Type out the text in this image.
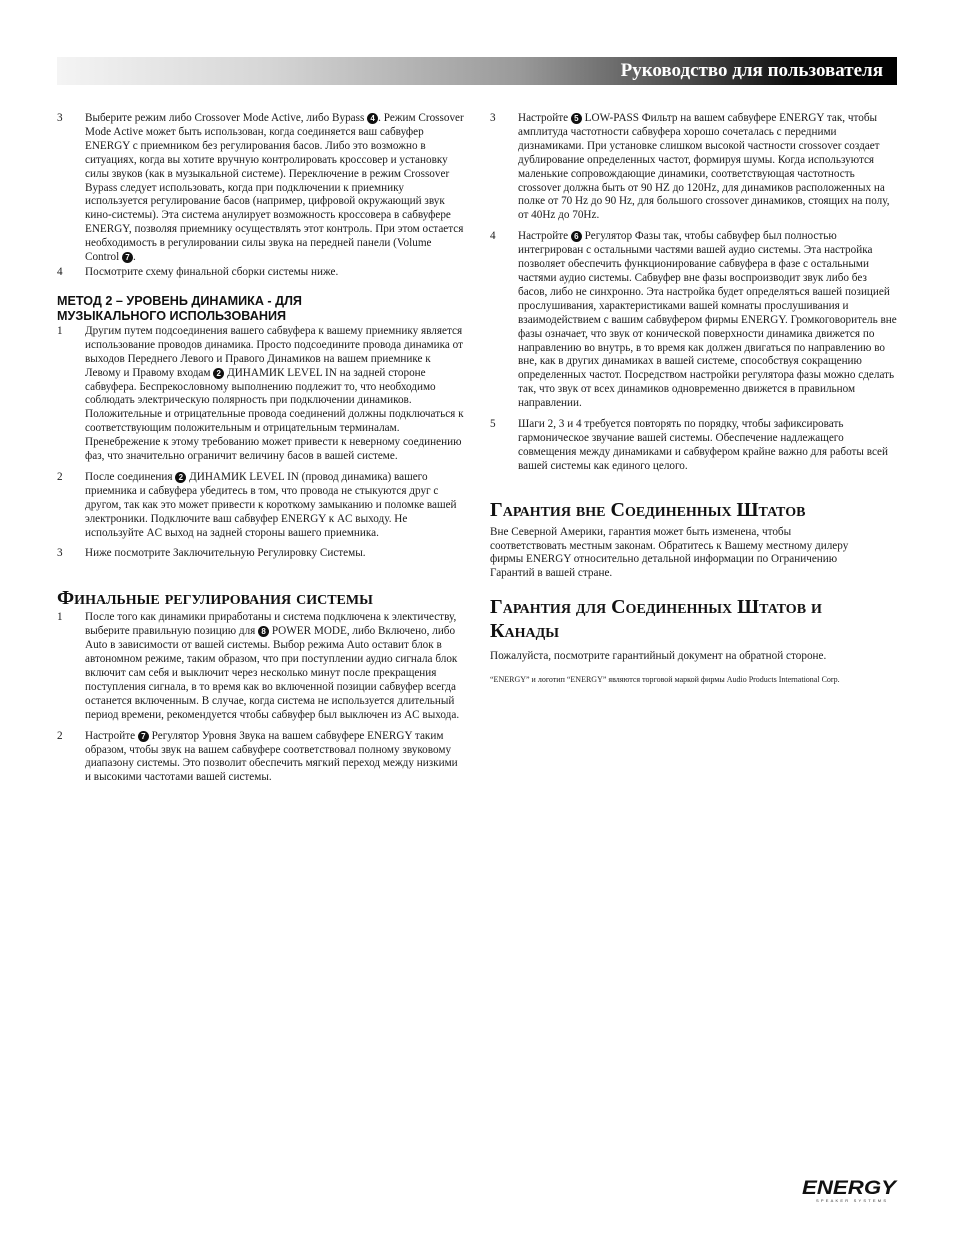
Руководство для пользователя
3	Выберите режим либо Crossover Mode Active, либо Bypass 4 . Режим Crossover Mode Active может быть использован, когда соединяется ваш сабвуфер ENERGY с приемником без регулирования басов. Либо это возможно в ситуациях, когда вы хотите вручную контролировать кроссовер и установку силы звуков (как в музыкальной системе). Переключение в режим Crossover Bypass следует использовать, когда при подключении к приемнику используется регулирование басов (например, цифровой окружающий звук кино-системы). Эта система анулирует возможность кроссовера в сабвуфере ENERGY, позволяя приемнику осуществлять этот контроль. При этом остается необходимость в регулировании силы звука на передней панели (Volume Control 7 .
4	Посмотрите схему финальной сборки системы ниже.
МЕТОД 2 – УРОВЕНЬ ДИНАМИКА - ДЛЯ МУЗЫКАЛЬНОГО ИСПОЛЬЗОВАНИЯ
1	Другим путем подсоединения вашего сабвуфера к вашему приемнику является использование проводов динамика. Просто подсоедините провода динамика от выходов Переднего Левого и Правого Динамиков на вашем приемнике к Левому и Правому входам 2 ДИНАМИК LEVEL IN на задней стороне сабвуфера. Беспрекословному выполнению подлежит то, что необходимо соблюдать электрическую полярность при подключении динамиков. Положительные и отрицательные провода соединений должны подключаться к соответствующим положительным и отрицательным терминалам. Пренебрежение к этому требованию может привести к неверному соединению фаз, что значительно ограничит величину басов в вашей системе.
2	После соединения 2 ДИНАМИК LEVEL IN (провод динамика) вашего приемника и сабвуфера убедитесь в том, что провода не стыкуются друг с другом, так как это может привести к короткому замыканию и поломке вашей электроники. Подключите ваш сабвуфер ENERGY к AC выходу. Не используйте AC выход на задней стороны вашего приемника.
3	Ниже посмотрите Заключительную Регулировку Системы.
Финальные регулирования системы
1	После того как динамики приработаны и система подключена к электичеству, выберите правильную позицию для 8 POWER MODE, либо Включено, либо Auto в зависимости от вашей системы. Выбор режима Auto оставит блок в автономном режиме, таким образом, что при поступлении аудио сигнала блок включит сам себя и выключит через несколько минут после прекращения поступления сигнала, в то время как во включенной позиции сабвуфер всегда останется включенным. В случае, когда система не используется длительный период времени, рекомендуется чтобы сабвуфер был выключен из AC выхода.
2	Настройте 7 Регулятор Уровня Звука на вашем сабвуфере ENERGY таким образом, чтобы звук на вашем сабвуфере соответствовал полному звуковому диапазону системы. Это позволит обеспечить мягкий переход между низкими и высокими частотами вашей системы.
3	Настройте 5 LOW-PASS Фильтр на вашем сабвуфере ENERGY так, чтобы амплитуда частотности сабвуфера хорошо сочеталась с передними дизнамиками. При установке слишком высокой частности crossover создает дублирование определенных частот, формируя шумы. Когда используются маленькие сопровождающие динамики, соответствующая частотность crossover должна быть от 90 HZ до 120Hz, для динамиков расположенных на полке от 70 Hz до 90 Hz, для большого crossover динамиков, стоящих на полу, от 40Hz до 70Hz.
4	Настройте 6 Регулятор Фазы так, чтобы сабвуфер был полностью интегрирован с остальными частями вашей аудио системы. Эта настройка позволяет обеспечить функционирование сабвуфера в фазе с остальными частями аудио системы. Сабвуфер вне фазы воспроизводит звук либо без басов, либо не синхронно. Эта настройка будет определяться вашей позицией прослушивания, характеристиками вашей комнаты прослушивания и взаимодействием с вашим сабвуфером фирмы ENERGY. Громкоговоритель вне фазы означает, что звук от конической поверхности динамика движется по направлению во внутрь, в то время как должен двигаться по направлению во вне, как в других динамиках в вашей системе, способствуя сокращению определенных частот. Посредством настройки регулятора фазы можно сделать так, что звук от всех динамиков одновременно движется в правильном направлении.
5	Шаги 2, 3 и 4 требуется повторять по порядку, чтобы зафиксировать гармоническое звучание вашей системы. Обеспечение надлежащего совмещения между динамиками и сабвуфером крайне важно для работы всей вашей системы как единого целого.
Гарантия вне Соединенных Штатов
Вне Северной Америки, гарантия может быть изменена, чтобы соответствовать местным законам. Обратитесь к Вашему местному дилеру фирмы ENERGY относительно детальной информации по Ограничению Гарантий в вашей стране.
Гарантия для Соединенных Штатов и Канады
Пожалуйста, посмотрите гарантийный документ на обратной стороне.
“ENERGY” и логотип “ENERGY” являются торговой маркой фирмы Audio Products International Corp.
ENERGY
SPEAKER SYSTEMS
